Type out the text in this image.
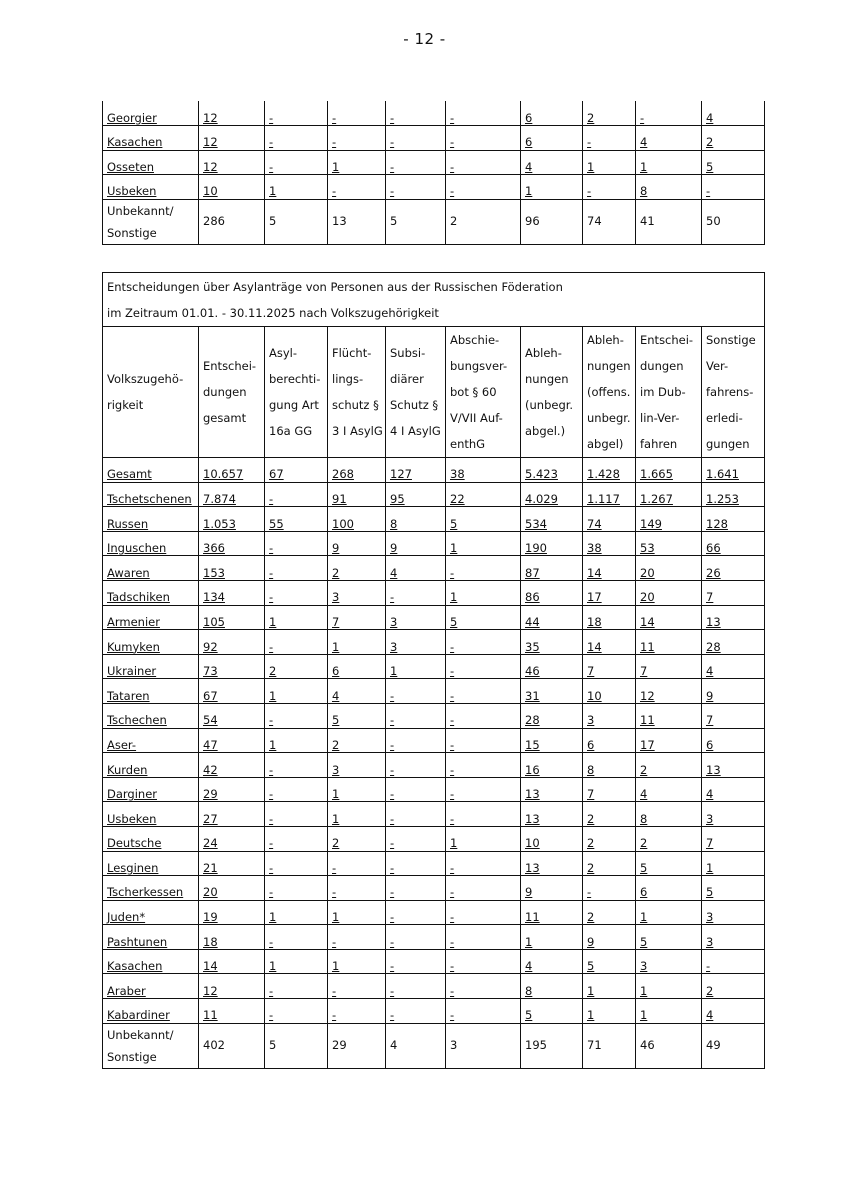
- 12 -
Georgier	12	-	-	-	-	6	2	-	4
Kasachen	12	-	-	-	-	6	-	4	2
Osseten	12	-	1	-	-	4	1	1	5
Usbeken	10	1	-	-	-	1	-	8	-
Unbekannt/ Sonstige	286	5	13	5	2	96	74	41	50
Entscheidungen über Asylanträge von Personen aus der Russischen Föderation
im Zeitraum 01.01. - 30.11.2025 nach Volkszugehörigkeit									

Volkszugehö-rigkeit	Entschei-dungen gesamt	Asyl-berechti-gung Art 16a GG	Flücht-lings-schutz § 3 I AsylG	Subsi-diärer Schutz § 4 I AsylG	Abschie-bungsver-bot § 60 V/VII Auf-enthG	Ableh-nungen (unbegr. abgel.)	Ableh-nungen (offens. unbegr. abgel)	Entschei-dungen im Dub-lin-Ver-fahren	Sonstige Ver-fahrens-erledi-gungen
Gesamt	10.657	67	268	127	38	5.423	1.428	1.665	1.641
Tschetschenen	7.874	-	91	95	22	4.029	1.117	1.267	1.253
Russen	1.053	55	100	8	5	534	74	149	128
Inguschen	366	-	9	9	1	190	38	53	66
Awaren	153	-	2	4	-	87	14	20	26
Tadschiken	134	-	3	-	1	86	17	20	7
Armenier	105	1	7	3	5	44	18	14	13
Kumyken	92	-	1	3	-	35	14	11	28
Ukrainer	73	2	6	1	-	46	7	7	4
Tataren	67	1	4	-	-	31	10	12	9
Tschechen	54	-	5	-	-	28	3	11	7
Aser-	47	1	2	-	-	15	6	17	6
Kurden	42	-	3	-	-	16	8	2	13
Darginer	29	-	1	-	-	13	7	4	4
Usbeken	27	-	1	-	-	13	2	8	3
Deutsche	24	-	2	-	1	10	2	2	7
Lesginen	21	-	-	-	-	13	2	5	1
Tscherkessen	20	-	-	-	-	9	-	6	5
Juden*	19	1	1	-	-	11	2	1	3
Pashtunen	18	-	-	-	-	1	9	5	3
Kasachen	14	1	1	-	-	4	5	3	-
Araber	12	-	-	-	-	8	1	1	2
Kabardiner	11	-	-	-	-	5	1	1	4
Unbekannt/ Sonstige	402	5	29	4	3	195	71	46	49
